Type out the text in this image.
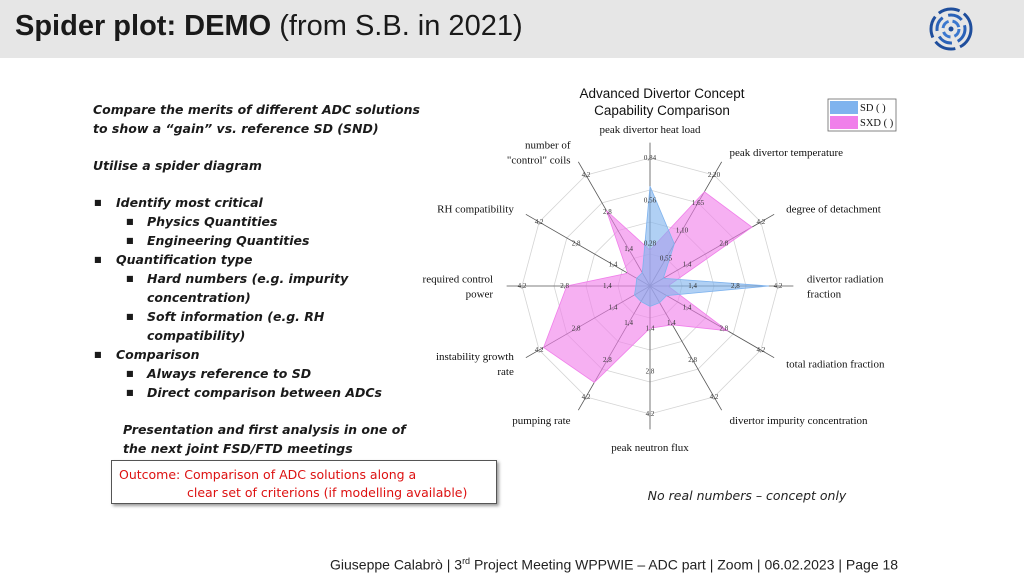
Spider plot: DEMO (from S.B. in 2021)

Compare the merits of different ADC solutions to show a “gain” vs. reference SD (SND)

Utilise a spider diagram

■ Identify most critical
■ Physics Quantities
■ Engineering Quantities
■ Quantification type
■ Hard numbers (e.g. impurity concentration)
■ Soft information (e.g. RH compatibility)
■ Comparison
■ Always reference to SD
■ Direct comparison between ADCs

Presentation and first analysis in one of the next joint FSD/FTD meetings

Outcome: Comparison of ADC solutions along a
clear set of criterions (if modelling available)
0,28
0,56
0,84
0,55
1,10
1,65
2,20
1,4
2,8
4,2
1,4	2,8	4,2
1,4
2,8
4,2
1,4
2,8
4,2
1,4
2,8
4,2
1,4
2,8
4,2
1,4
2,8
4,2
1,4
2,8
4,2
1,4
2,8
4,2
1,4
2,8
4,2
peak divertor heat load
peak divertor temperature
degree of detachment
divertor radiation
fraction
total radiation fraction
divertor impurity concentration
peak neutron flux
pumping rate
instability growth
rate
required control
power
RH compatibility
number of
"control" coils
Advanced Divertor Concept
Capability Comparison	SD ( )
SXD ( )
No real numbers – concept only
Giuseppe Calabrò | 3rd Project Meeting WPPWIE – ADC part | Zoom | 06.02.2023 | Page 18
